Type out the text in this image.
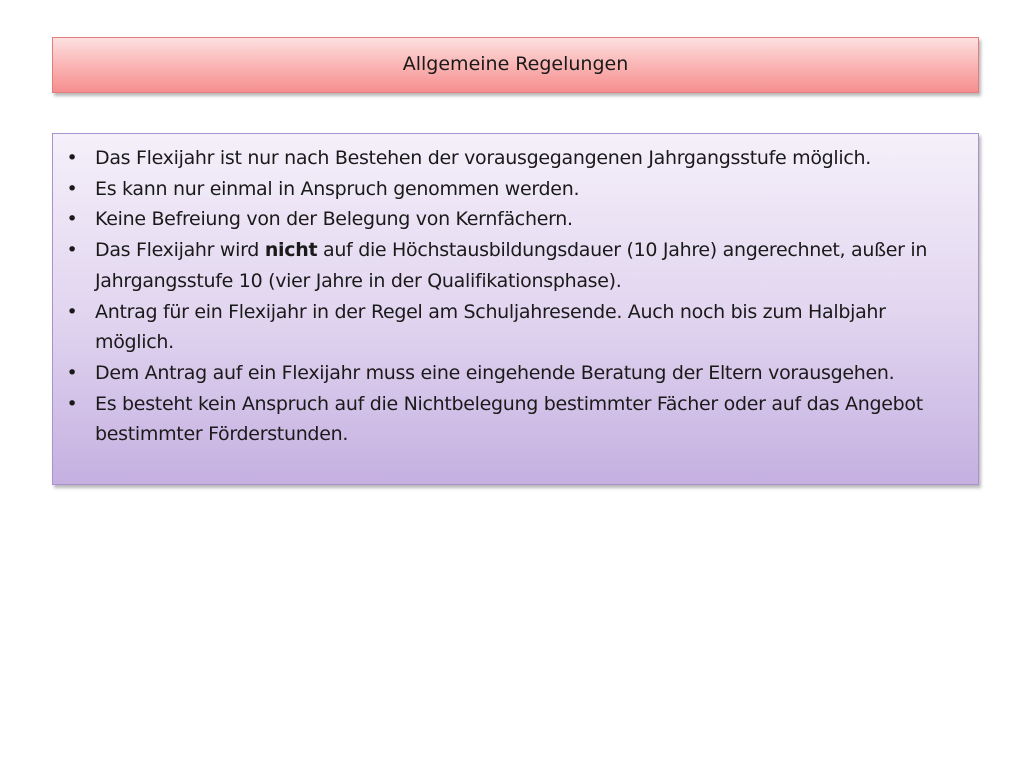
Allgemeine Regelungen
• Das Flexijahr ist nur nach Bestehen der vorausgegangenen Jahrgangsstufe möglich.
• Es kann nur einmal in Anspruch genommen werden.
• Keine Befreiung von der Belegung von Kernfächern.
• Das Flexijahr wird nicht auf die Höchstausbildungsdauer (10 Jahre) angerechnet, außer in Jahrgangsstufe 10 (vier Jahre in der Qualifikationsphase).
• Antrag für ein Flexijahr in der Regel am Schuljahresende. Auch noch bis zum Halbjahr möglich.
• Dem Antrag auf ein Flexijahr muss eine eingehende Beratung der Eltern vorausgehen.
• Es besteht kein Anspruch auf die Nichtbelegung bestimmter Fächer oder auf das Angebot bestimmter Förderstunden.
